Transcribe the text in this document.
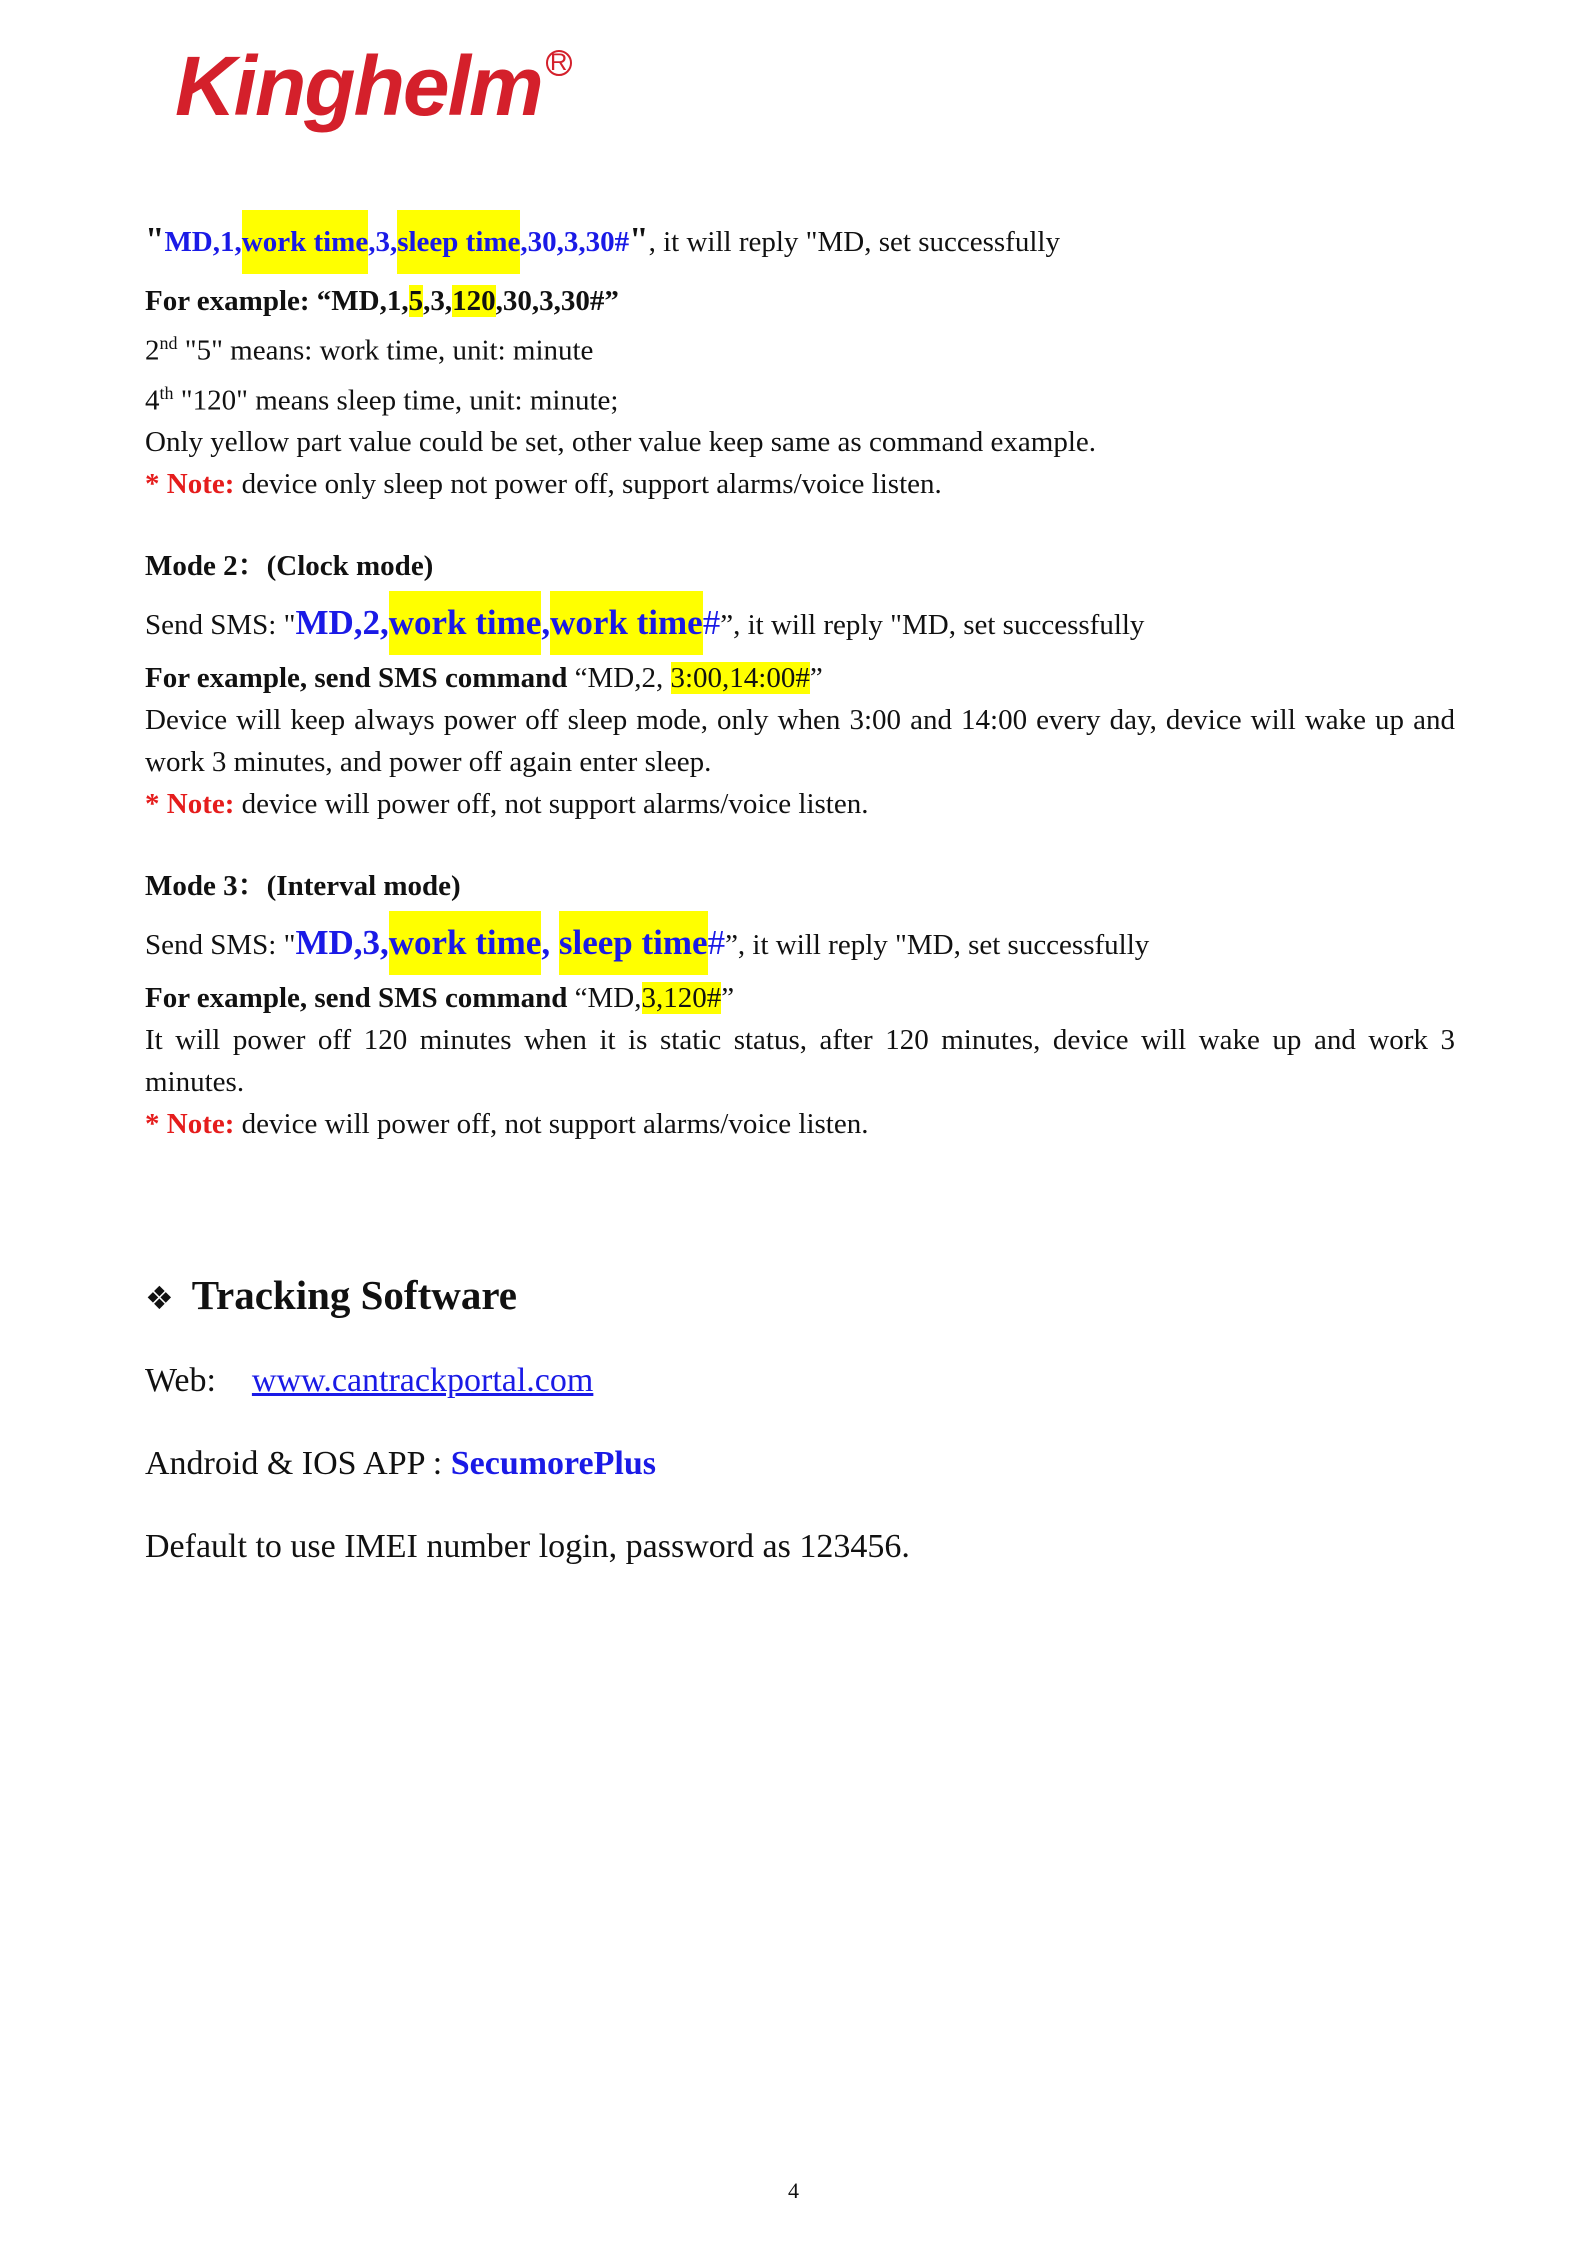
Kinghelm R
"MD,1,work time,3,sleep time,30,3,30#", it will reply "MD, set successfully
For example: “MD,1,5,3,120,30,3,30#”
2nd "5" means: work time, unit: minute
4th "120" means sleep time, unit: minute;
Only yellow part value could be set, other value keep same as command example.
* Note: device only sleep not power off, support alarms/voice listen.
Mode 2：(Clock mode)
Send SMS: "MD,2,work time,work time#”, it will reply "MD, set successfully
For example, send SMS command “MD,2, 3:00,14:00#”
Device will keep always power off sleep mode, only when 3:00 and 14:00 every day, device will wake up and work 3 minutes, and power off again enter sleep.
* Note: device will power off, not support alarms/voice listen.
Mode 3：(Interval mode)
Send SMS: "MD,3,work time, sleep time#”, it will reply "MD, set successfully
For example, send SMS command “MD,3,120#”
It will power off 120 minutes when it is static status, after 120 minutes, device will wake up and work 3 minutes.
* Note: device will power off, not support alarms/voice listen.
❖ Tracking Software
Web: www.cantrackportal.com
Android & IOS APP : SecumorePlus
Default to use IMEI number login, password as 123456.
4
